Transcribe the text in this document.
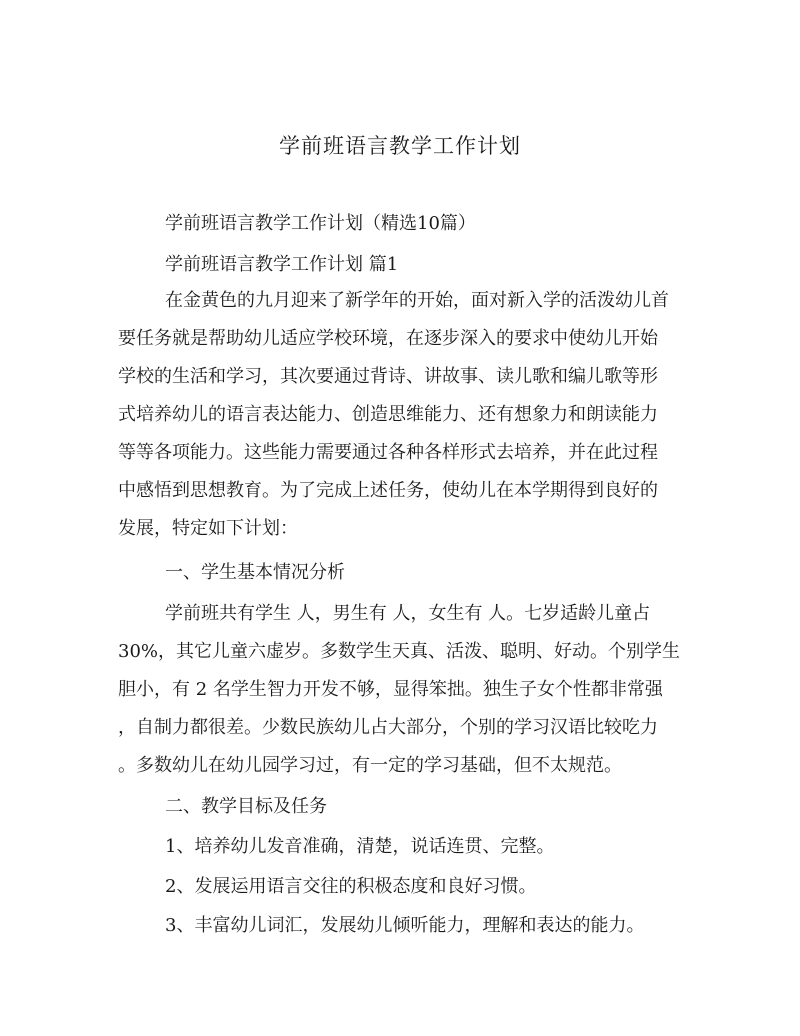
学前班语言教学工作计划
学前班语言教学工作计划（精选10篇）
学前班语言教学工作计划 篇1
在金黄色的九月迎来了新学年的开始，面对新入学的活泼幼儿首
要任务就是帮助幼儿适应学校环境，在逐步深入的要求中使幼儿开始
学校的生活和学习，其次要通过背诗、讲故事、读儿歌和编儿歌等形
式培养幼儿的语言表达能力、创造思维能力、还有想象力和朗读能力
等等各项能力。这些能力需要通过各种各样形式去培养，并在此过程
中感悟到思想教育。为了完成上述任务，使幼儿在本学期得到良好的
发展，特定如下计划：
一、学生基本情况分析
学前班共有学生 人，男生有 人，女生有 人。七岁适龄儿童占
30%，其它儿童六虚岁。多数学生天真、活泼、聪明、好动。个别学生
胆小，有 2 名学生智力开发不够，显得笨拙。独生子女个性都非常强
，自制力都很差。少数民族幼儿占大部分，个别的学习汉语比较吃力
。多数幼儿在幼儿园学习过，有一定的学习基础，但不太规范。
二、教学目标及任务
1、培养幼儿发音准确，清楚，说话连贯、完整。
2、发展运用语言交往的积极态度和良好习惯。
3、丰富幼儿词汇，发展幼儿倾听能力，理解和表达的能力。
